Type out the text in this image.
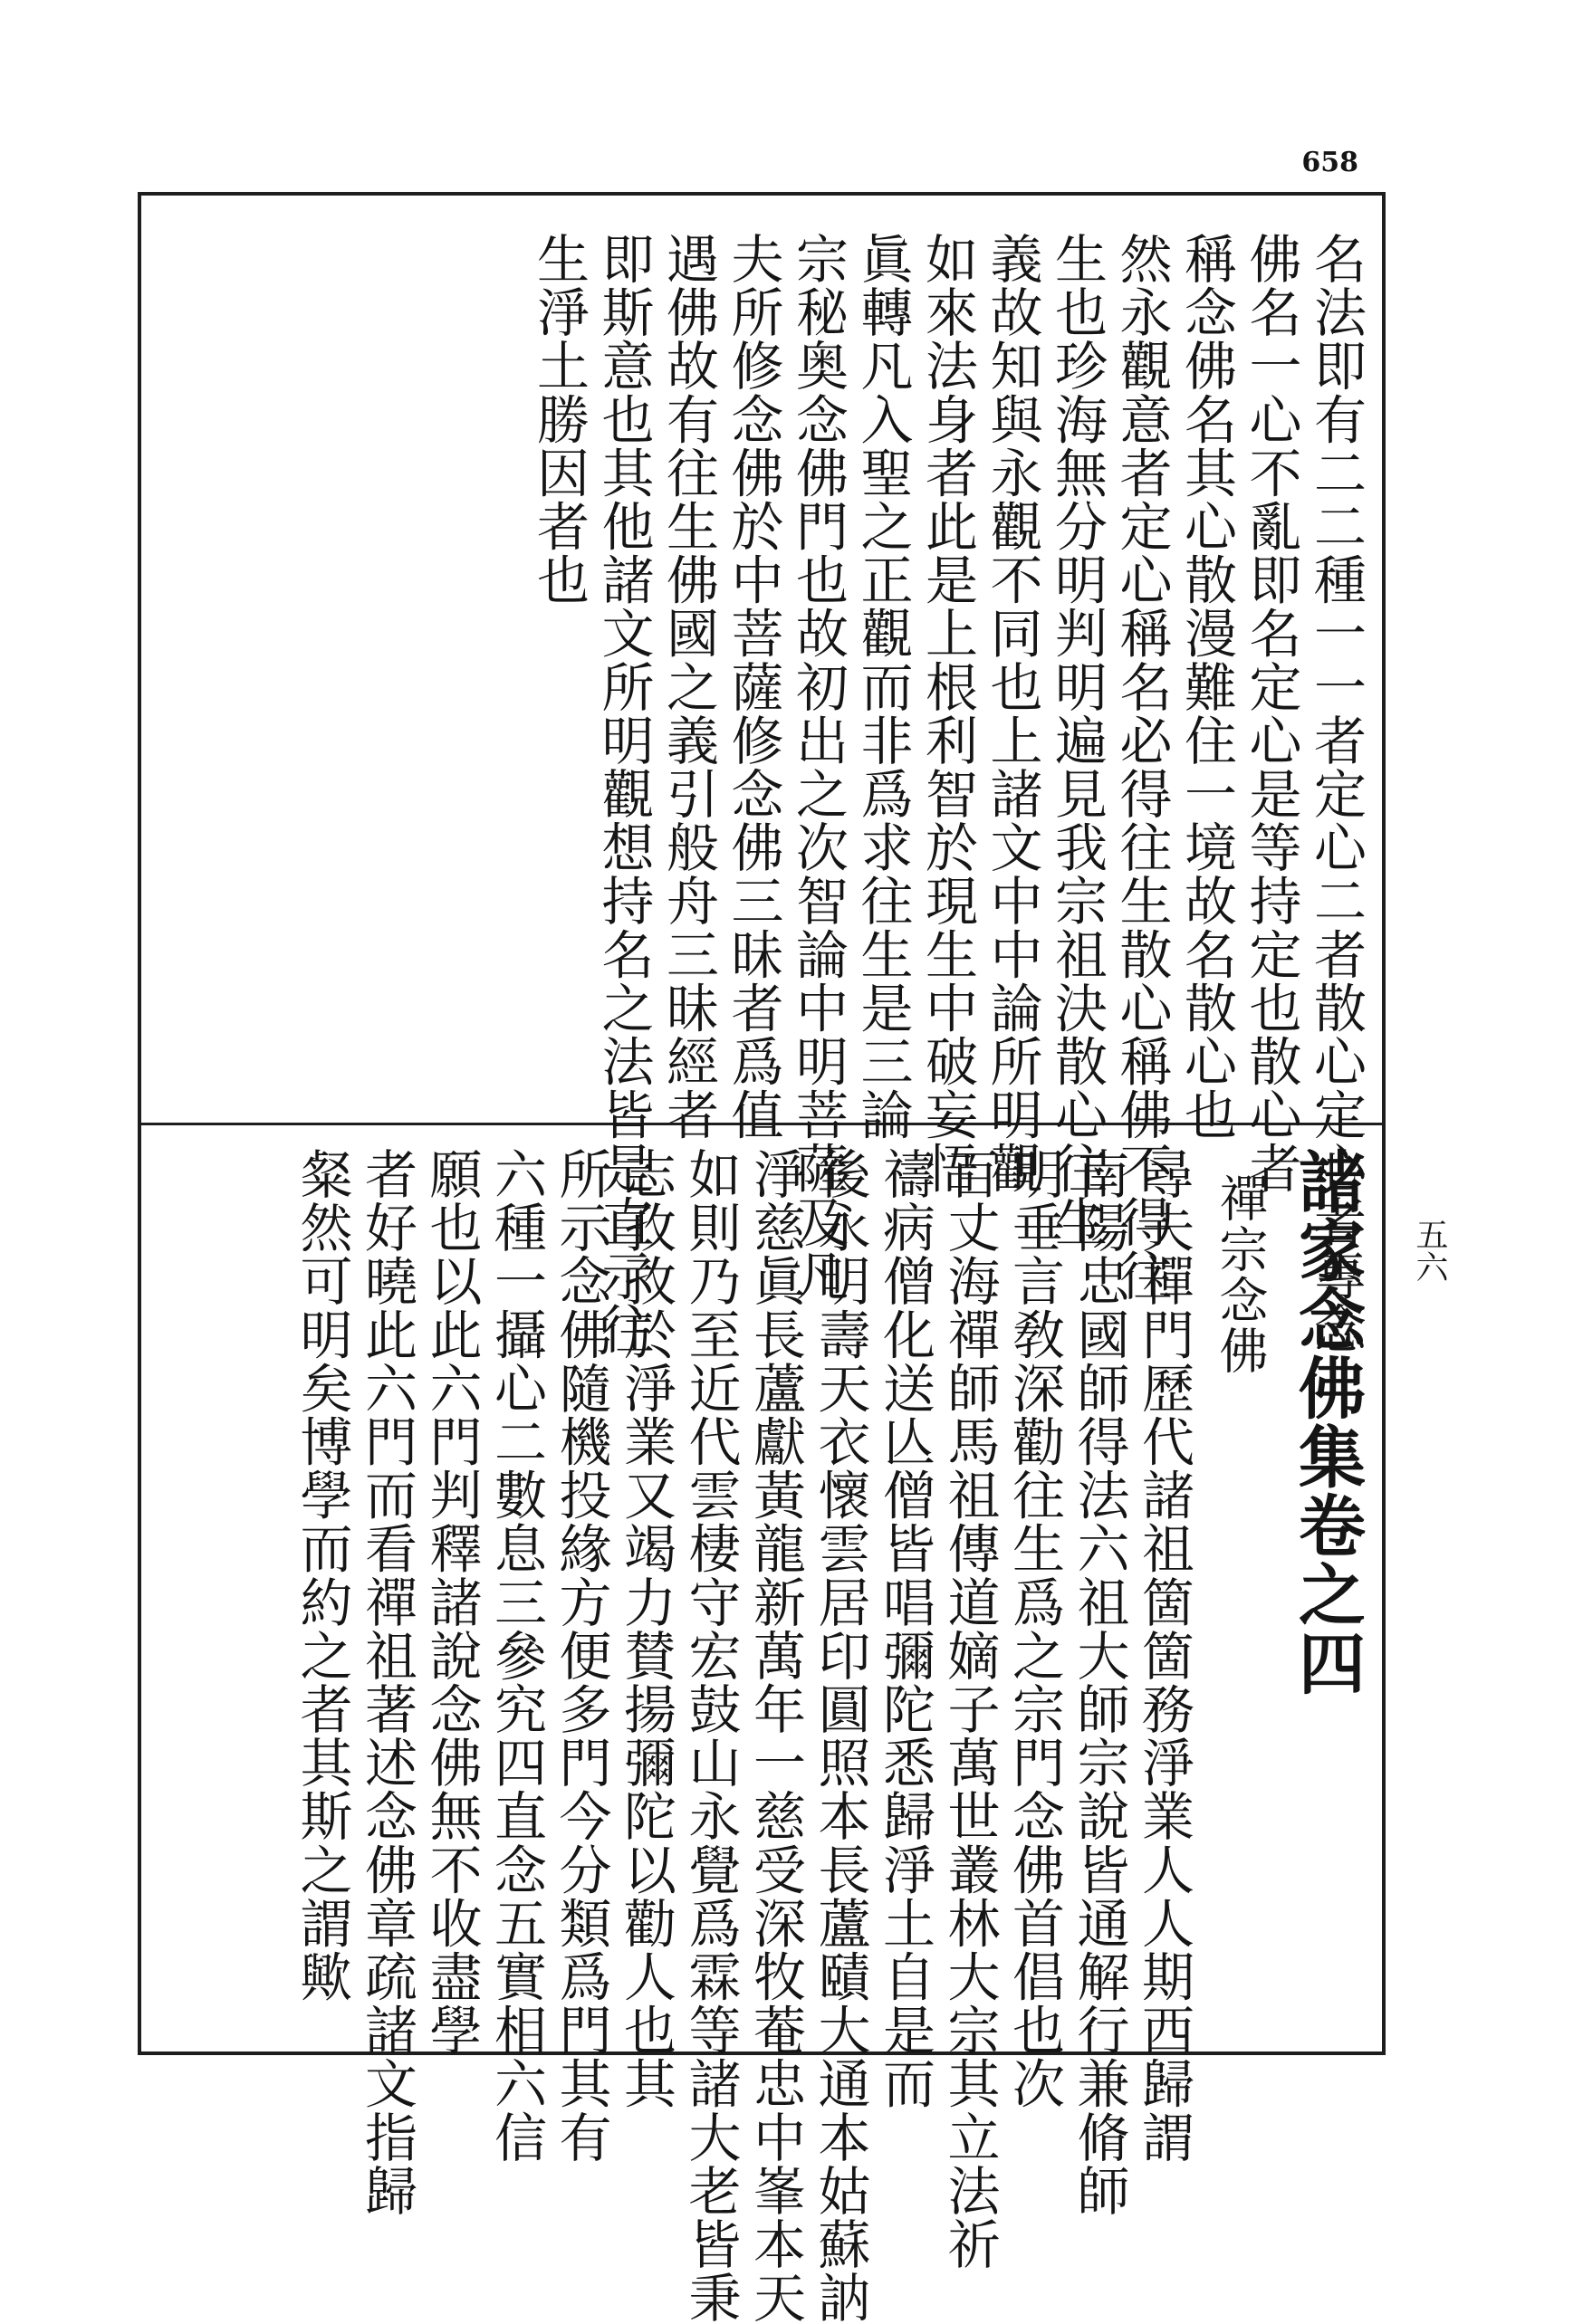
658
名法即有二二種一一者定心二者散心定心者專念
佛名一心不亂即名定心是等持定也散心者
稱念佛名其心散漫難住一境故名散心也
然永觀意者定心稱名必得往生散心稱佛不得往
生也珍海無分明判明遍見我宗祖決散心往生
義故知與永觀不同也上諸文中中論所明觀
如來法身者此是上根利智於現生中破妄悟
眞轉凡入聖之正觀而非爲求往生是三論
宗秘奥念佛門也故初出之次智論中明菩薩及凡
夫所修念佛於中菩薩修念佛三昧者爲值
遇佛故有往生佛國之義引般舟三昧經者
即斯意也其他諸文所明觀想持名之法皆是直示往
生淨土勝因者也
諸家念佛集卷之四
禪宗念佛
尋夫禪門歷代諸祖箇箇務淨業人人期西歸謂
南陽忠國師得法六祖大師宗說皆通解行兼脩師
明垂言敎深勸往生爲之宗門念佛首倡也次
百丈海禪師馬祖傳道嫡子萬世叢林大宗其立法祈
禱病僧化送亾僧皆唱彌陀悉歸淨土自是而
後永明壽天衣懷雲居印圓照本長蘆賾大通本姑蘇訥
淨慈眞長蘆獻黃龍新萬年一慈受深牧菴忠中峯本天
如則乃至近代雲棲守宏鼓山永覺爲霖等諸大老皆秉
志孜孜於淨業又竭力賛揚彌陀以勸人也其
所示念佛隨機投緣方便多門今分類爲門其有
六種一攝心二數息三參究四直念五實相六信
願也以此六門判釋諸說念佛無不收盡學
者好曉此六門而看禪祖著述念佛章疏諸文指歸
粲然可明矣博學而約之者其斯之謂歟	五六
